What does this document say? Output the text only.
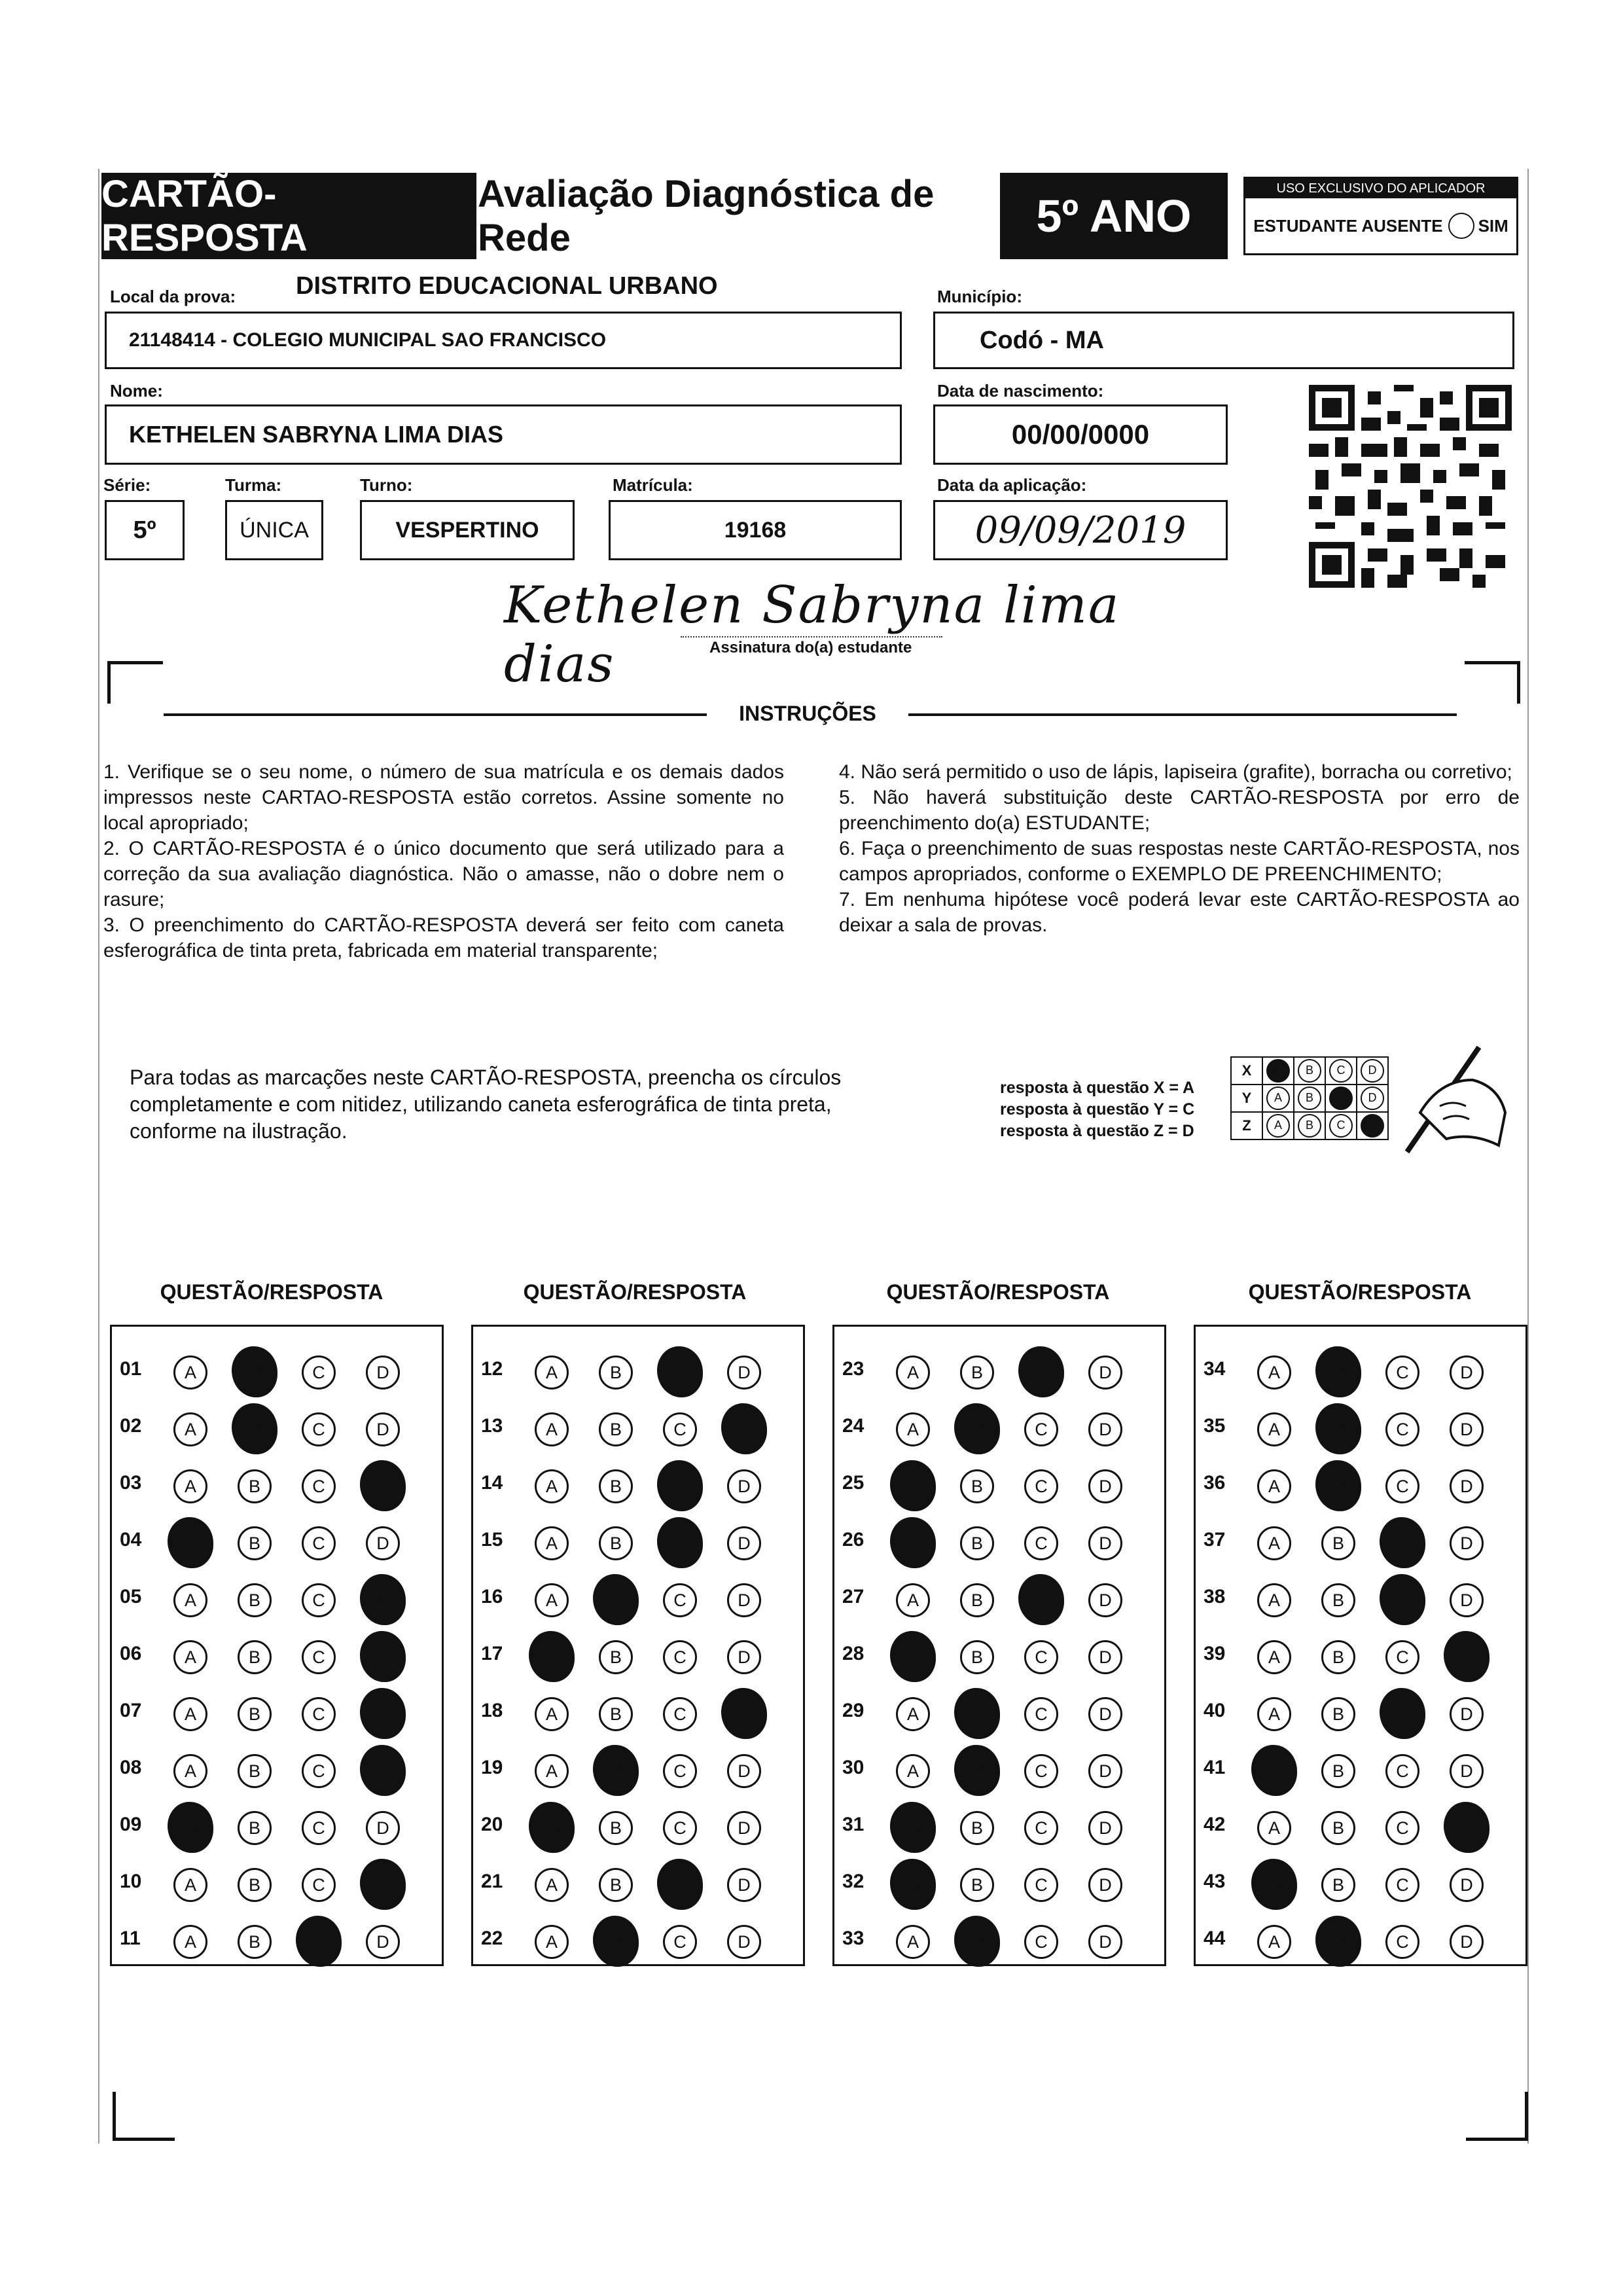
CARTÃO-RESPOSTA
Avaliação Diagnóstica de Rede	5º ANO
USO EXCLUSIVO DO APLICADOR
ESTUDANTE AUSENTE SIM
Local da prova: DISTRITO EDUCACIONAL URBANO	Município:
21148414 - COLEGIO MUNICIPAL SAO FRANCISCO	Codó - MA
Nome:	Data de nascimento:
KETHELEN SABRYNA LIMA DIAS	00/00/0000
Série:	Turma:	Turno:	Matrícula:	Data da aplicação:
5º	ÚNICA	VESPERTINO	19168	09/09/2019
Kethelen Sabryna lima dias	Assinatura do(a) estudante
INSTRUÇÕES
1. Verifique se o seu nome, o número de sua matrícula e os demais dados impressos neste CARTAO-RESPOSTA estão corretos. Assine somente no local apropriado;
2. O CARTÃO-RESPOSTA é o único documento que será utilizado para a correção da sua avaliação diagnóstica. Não o amasse, não o dobre nem o rasure;
3. O preenchimento do CARTÃO-RESPOSTA deverá ser feito com caneta esferográfica de tinta preta, fabricada em material transparente;
4. Não será permitido o uso de lápis, lapiseira (grafite), borracha ou corretivo;
5. Não haverá substituição deste CARTÃO-RESPOSTA por erro de preenchimento do(a) ESTUDANTE;
6. Faça o preenchimento de suas respostas neste CARTÃO-RESPOSTA, nos campos apropriados, conforme o EXEMPLO DE PREENCHIMENTO;
7. Em nenhuma hipótese você poderá levar este CARTÃO-RESPOSTA ao deixar a sala de provas.
Para todas as marcações neste CARTÃO-RESPOSTA, preencha os círculos completamente e com nitidez, utilizando caneta esferográfica de tinta preta, conforme na ilustração.
resposta à questão X = A
resposta à questão Y = C
resposta à questão Z = D
X	A	B	C	D
Y	A	B	C	D
Z	A	B	C	D
QUESTÃO/RESPOSTA
01	A	B	C	D
02	A	B	C	D
03	A	B	C	D
04	A	B	C	D
05	A	B	C	D
06	A	B	C	D
07	A	B	C	D
08	A	B	C	D
09	A	B	C	D
10	A	B	C	D
11	A	B	C	D
QUESTÃO/RESPOSTA
12	A	B	C	D
13	A	B	C	D
14	A	B	C	D
15	A	B	C	D
16	A	B	C	D
17	A	B	C	D
18	A	B	C	D
19	A	B	C	D
20	A	B	C	D
21	A	B	C	D
22	A	B	C	D
QUESTÃO/RESPOSTA
23	A	B	C	D
24	A	B	C	D
25	A	B	C	D
26	A	B	C	D
27	A	B	C	D
28	A	B	C	D
29	A	B	C	D
30	A	B	C	D
31	A	B	C	D
32	A	B	C	D
33	A	B	C	D
QUESTÃO/RESPOSTA
34	A	B	C	D
35	A	B	C	D
36	A	B	C	D
37	A	B	C	D
38	A	B	C	D
39	A	B	C	D
40	A	B	C	D
41	A	B	C	D
42	A	B	C	D
43	A	B	C	D
44	A	B	C	D
